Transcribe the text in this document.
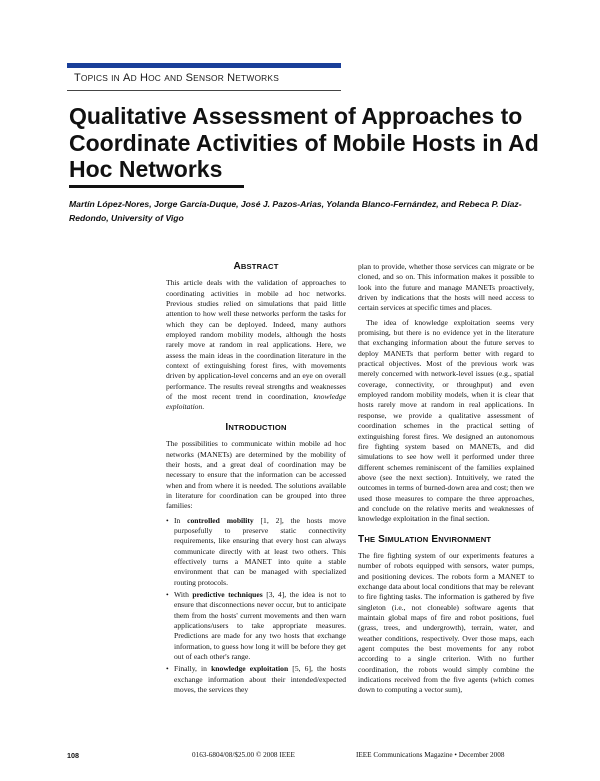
TOPICS IN AD HOC AND SENSOR NETWORKS
Qualitative Assessment of Approaches to Coordinate Activities of Mobile Hosts in Ad Hoc Networks

Martín López-Nores, Jorge García-Duque, José J. Pazos-Arias, Yolanda Blanco-Fernández, and Rebeca P. Díaz-Redondo, University of Vigo

ABSTRACT

This article deals with the validation of approaches to coordinating activities in mobile ad hoc networks. Previous studies relied on simulations that paid little attention to how well these networks perform the tasks for which they can be deployed. Indeed, many authors employed random mobility models, although the hosts rarely move at random in real applications. Here, we assess the main ideas in the coordination literature in the context of extinguishing forest fires, with movements driven by application-level concerns and an eye on overall performance. The results reveal strengths and weaknesses of the most recent trend in coordination, knowledge exploitation.

INTRODUCTION

The possibilities to communicate within mobile ad hoc networks (MANETs) are determined by the mobility of their hosts, and a great deal of coordination may be necessary to ensure that the information can be accessed when and from where it is needed. The solutions available in literature for coordination can be grouped into three families:

• In controlled mobility [1, 2], the hosts move purposefully to preserve static connectivity requirements, like ensuring that every host can always communicate directly with at least two others. This effectively turns a MANET into quite a stable environment that can be managed with specialized routing protocols.
• With predictive techniques [3, 4], the idea is not to ensure that disconnections never occur, but to anticipate them from the hosts' current movements and then warn applications/users to take appropriate measures. Predictions are made for any two hosts that exchange information, to guess how long it will be before they get out of each other's range.
• Finally, in knowledge exploitation [5, 6], the hosts exchange information about their intended/expected moves, the services they

plan to provide, whether those services can migrate or be cloned, and so on. This information makes it possible to look into the future and manage MANETs proactively, driven by indications that the hosts will need access to certain services at specific times and places.

The idea of knowledge exploitation seems very promising, but there is no evidence yet in the literature that exchanging information about the future serves to deploy MANETs that perform better with regard to practical objectives. Most of the previous work was merely concerned with network-level issues (e.g., spatial coverage, connectivity, or throughput) and even employed random mobility models, when it is clear that hosts rarely move at random in real applications. In response, we provide a qualitative assessment of coordination schemes in the practical setting of extinguishing forest fires. We designed an autonomous fire fighting system based on MANETs, and did simulations to see how well it performed under three different schemes reminiscent of the families explained above (see the next section). Intuitively, we rated the outcomes in terms of burned-down area and cost; then we used those measures to compare the three approaches, and conclude on the relative merits and weaknesses of knowledge exploitation in the final section.

THE SIMULATION ENVIRONMENT

The fire fighting system of our experiments features a number of robots equipped with sensors, water pumps, and positioning devices. The robots form a MANET to exchange data about local conditions that may be relevant to fire fighting tasks. The information is gathered by five singleton (i.e., not cloneable) software agents that maintain global maps of fire and robot positions, fuel (grass, trees, and undergrowth), terrain, water, and weather conditions, respectively. Over those maps, each agent computes the best movements for any robot according to a single criterion. With no further coordination, the robots would simply combine the indications received from the five agents (which comes down to computing a vector sum),

108	0163-6804/08/$25.00 © 2008 IEEE	IEEE Communications Magazine • December 2008
